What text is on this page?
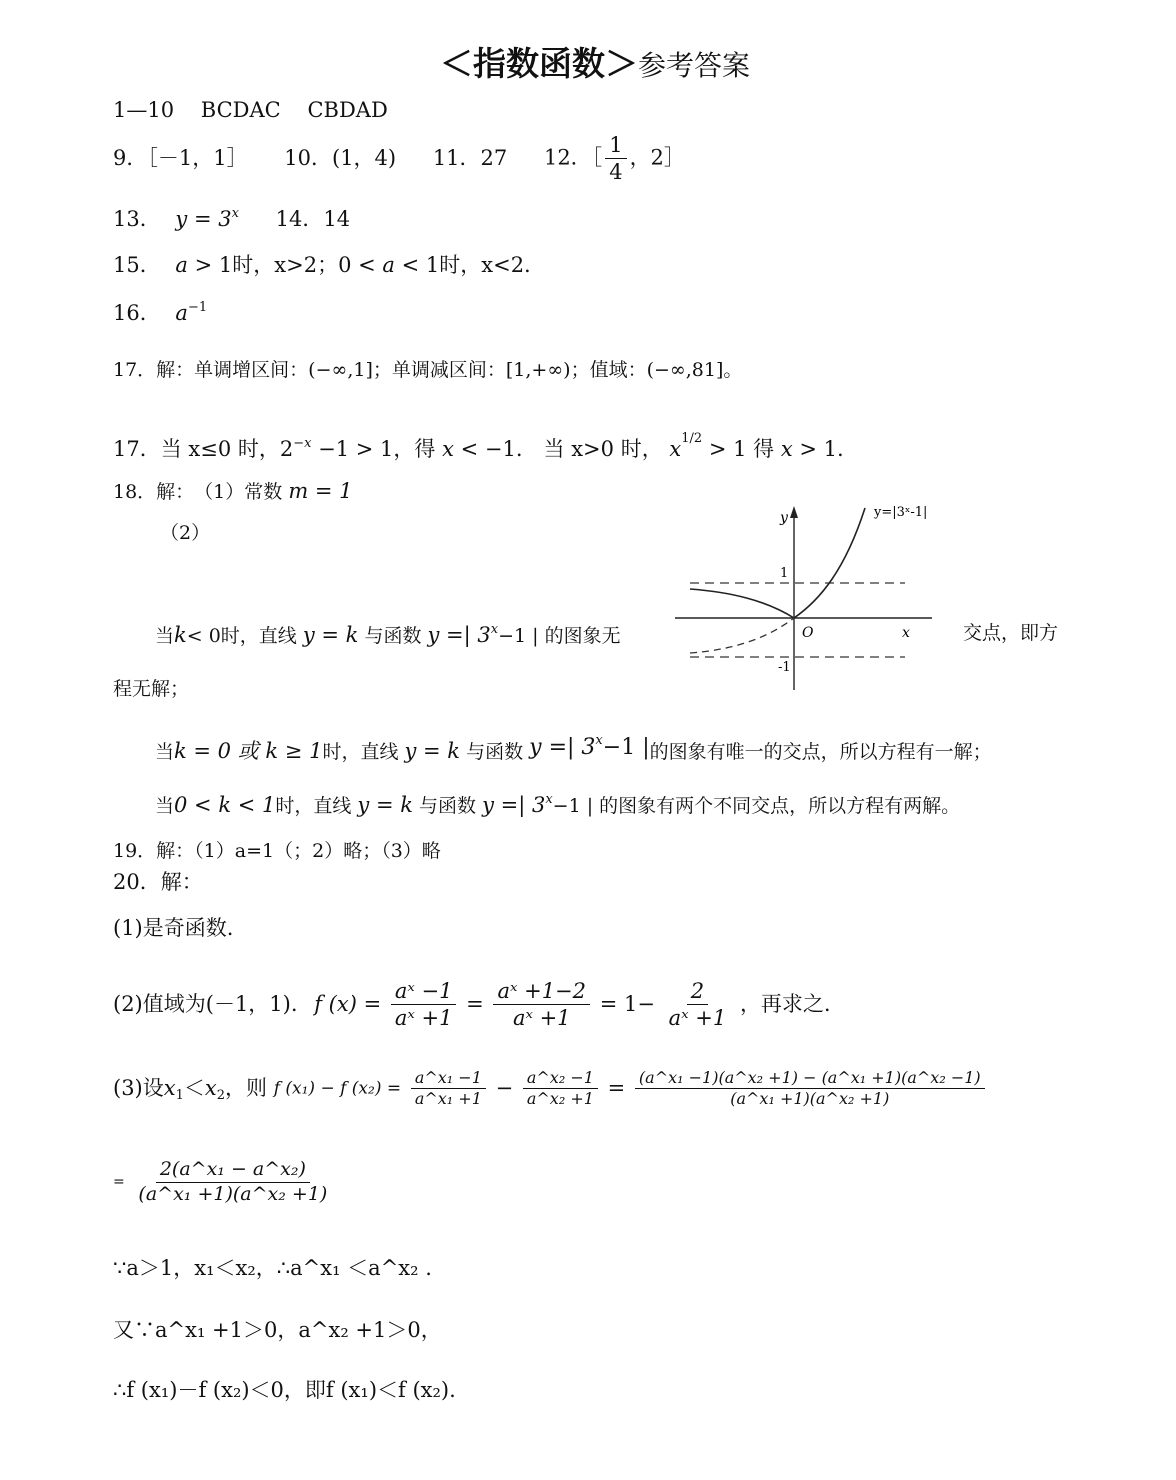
＜指数函数＞参考答案
1—10 BCDAC CBDAD
9．［－1，1］ 10．(1，4) 11．27 12．［ $\frac{1}{4}$ ，2］
13． $y = 3^x$ 14．14
15． a > 1时，x>2；0 < a < 1时，x<2.
16． $a^{-1}$
17．解：单调增区间：(−∞,1]；单调减区间：[1,+∞)；值域：(−∞,81]。
17．当 x≤0 时，$2^{-x} -1 > 1$，得 x < −1.　当 x>0 时， $x^{1/2} > 1$ 得 x > 1.
18．解：　（1）常数 m = 1
（2）
y
x
O
1
-1
y=|3ˣ-1|
当k< 0时，直线 y = k 与函数 y =| $3^x-1$ | 的图象无	交点，即方
程无解；
当k = 0 或 k ≥ 1时，直线 y = k 与函数 y =| $3^x-1$ |的图象有唯一的交点，所以方程有一解；
当0 < k < 1时，直线 y = k 与函数 y =| $3^x-1$ | 的图象有两个不同交点，所以方程有两解。
19．解：（1）a=1（；2）略；（3）略
20．解：
(1)是奇函数.
(2)值域为(－1，1). f $(x) = \frac{\text{aˣ −1}}{\text{aˣ +1}} = \frac{\text{aˣ +1−2}}{\text{aˣ +1}} = 1- \frac{2}{\text{aˣ +1}}$ ，再求之.
(3)设$x_1<x_2$，则 f (x₁) − f $(x_2) = \frac{\text{a\textasciicircum{}x₁ −1}}{\text{a\textasciicircum{}x₁ +1}} - \frac{\text{a\textasciicircum{}x₂ −1}}{\text{a\textasciicircum{}x₂ +1}} = \frac{\text{(a\textasciicircum{}x₁ −1)(a\textasciicircum{}x₂ +1) − (a\textasciicircum{}x₁ +1)(a\textasciicircum{}x₂ −1)}}{\text{(a\textasciicircum{}x₁ +1)(a\textasciicircum{}x₂ +1)}}$
= $\frac{\text{2(a\textasciicircum{}x₁ − a\textasciicircum{}x₂)}}{\text{(a\textasciicircum{}x₁ +1)(a\textasciicircum{}x₂ +1)}}$
∵a＞1，x₁＜x₂，∴a^x₁ ＜a^x₂ .
又∵a^x₁ +1＞0，a^x₂ +1＞0，
∴f (x₁)－f (x₂)＜0，即f (x₁)＜f (x₂).
